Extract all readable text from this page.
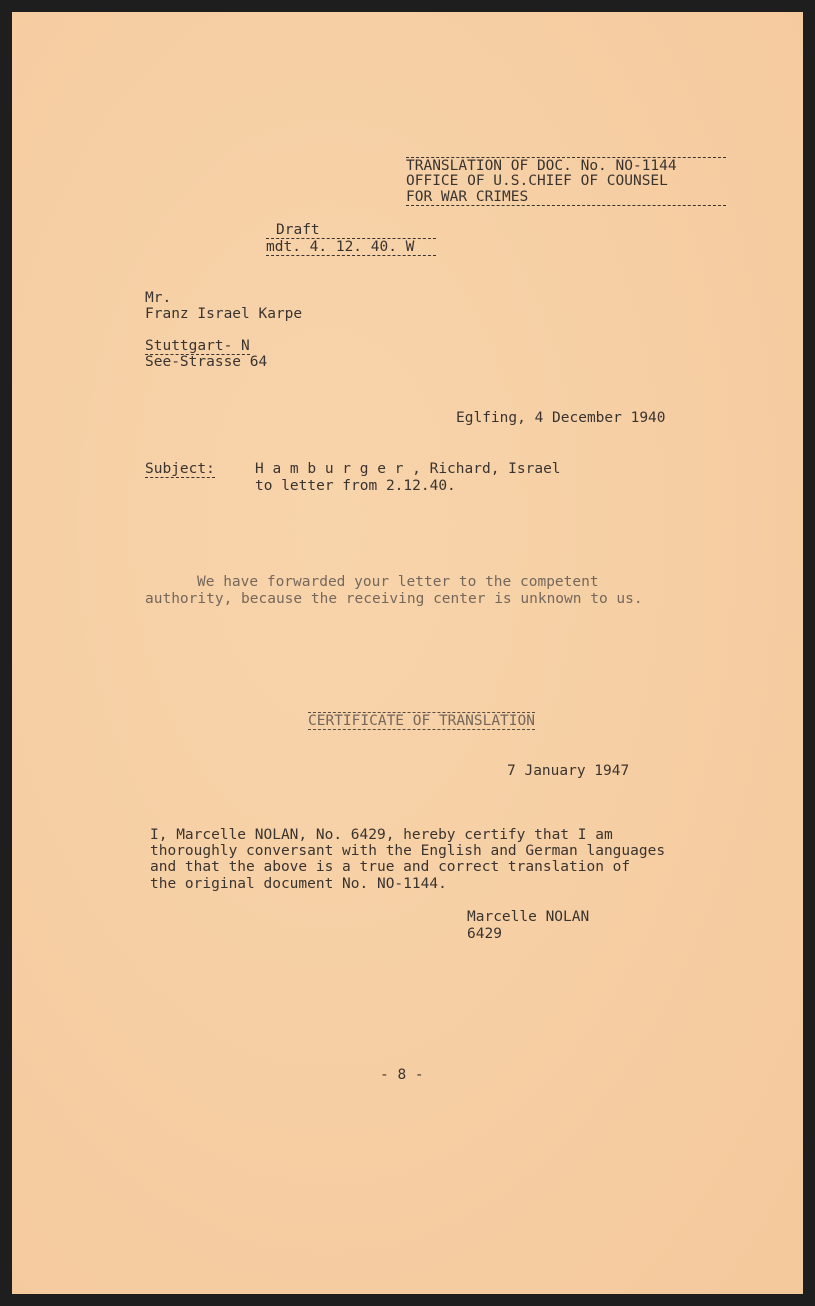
TRANSLATION OF DOC. No. NO-1144
OFFICE OF U.S.CHIEF OF COUNSEL
FOR WAR CRIMES
Draft
mdt. 4. 12. 40. W
Mr.
Franz Israel Karpe
Stuttgart- N
See-Strasse 64
Eglfing, 4 December 1940
Subject:	H a m b u r g e r , Richard, Israel
to letter from 2.12.40.
We have forwarded your letter to the competent
authority, because the receiving center is unknown to us.
CERTIFICATE OF TRANSLATION
7 January 1947
I, Marcelle NOLAN, No. 6429, hereby certify that I am
thoroughly conversant with the English and German languages
and that the above is a true and correct translation of
the original document No. NO-1144.
Marcelle NOLAN
6429
- 8 -
